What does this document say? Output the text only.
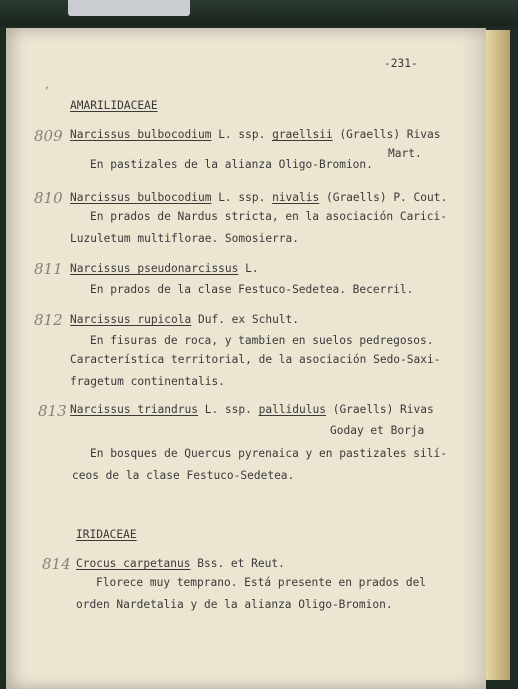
-231-
,
AMARILIDACEAE
809 Narcissus bulbocodium L. ssp. graellsii (Graells) Rivas
Mart.
En pastizales de la alianza Oligo-Bromion.
810 Narcissus bulbocodium L. ssp. nivalis (Graells) P. Cout.
En prados de Nardus stricta, en la asociación Carici-
Luzuletum multiflorae. Somosierra.
811 Narcissus pseudonarcissus L.
En prados de la clase Festuco-Sedetea. Becerril.
812 Narcissus rupicola Duf. ex Schult.
En fisuras de roca, y tambien en suelos pedregosos.
Característica territorial, de la asociación Sedo-Saxi-
fragetum continentalis.
813 Narcissus triandrus L. ssp. pallidulus (Graells) Rivas
Goday et Borja
En bosques de Quercus pyrenaica y en pastizales silí-
ceos de la clase Festuco-Sedetea.
IRIDACEAE
814 Crocus carpetanus Bss. et Reut.
Florece muy temprano. Está presente en prados del
orden Nardetalia y de la alianza Oligo-Bromion.
